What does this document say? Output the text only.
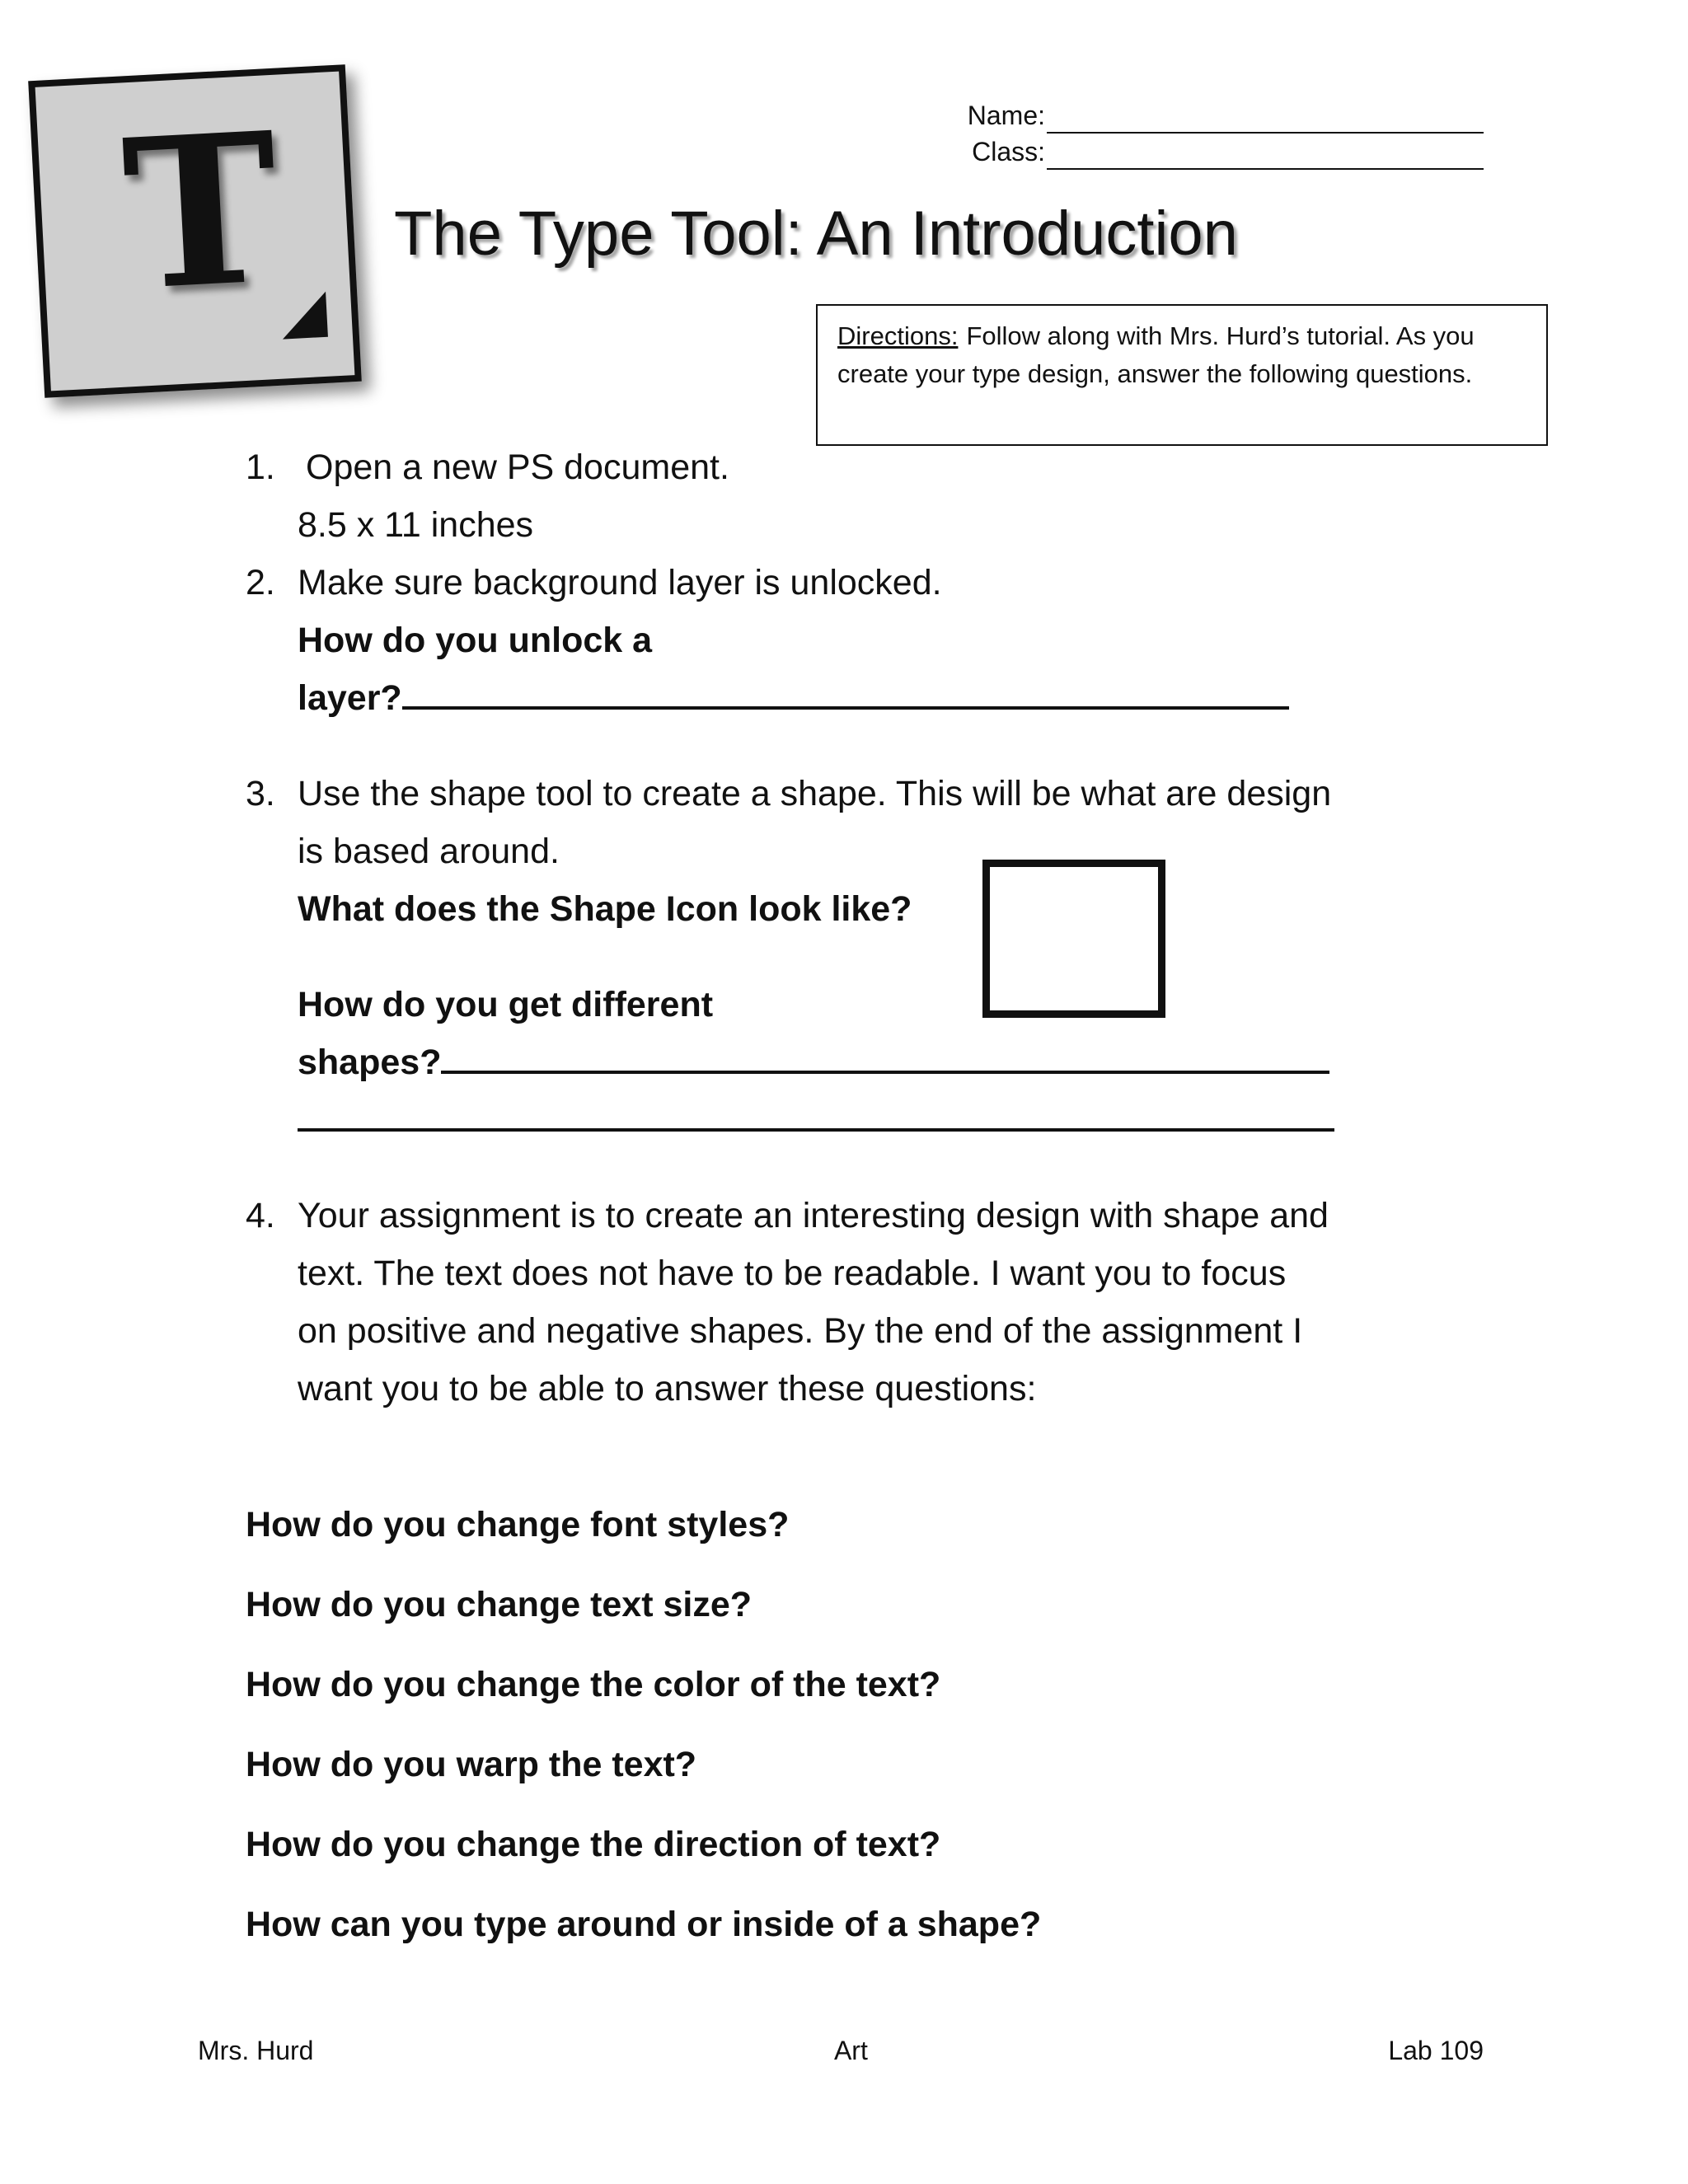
T	Name:
Class:
The Type Tool: An Introduction
Directions: Follow along with Mrs. Hurd’s tutorial. As you create your type design, answer the following questions.
1. Open a new PS document.
8.5 x 11 inches
2. Make sure background layer is unlocked.
How do you unlock a
layer?
3. Use the shape tool to create a shape. This will be what are design
is based around.
What does the Shape Icon look like?
How do you get different
shapes?
4. Your assignment is to create an interesting design with shape and
text. The text does not have to be readable. I want you to focus
on positive and negative shapes. By the end of the assignment I
want you to be able to answer these questions:
How do you change font styles?
How do you change text size?
How do you change the color of the text?
How do you warp the text?
How do you change the direction of text?
How can you type around or inside of a shape?
Mrs. Hurd	Art	Lab 109
